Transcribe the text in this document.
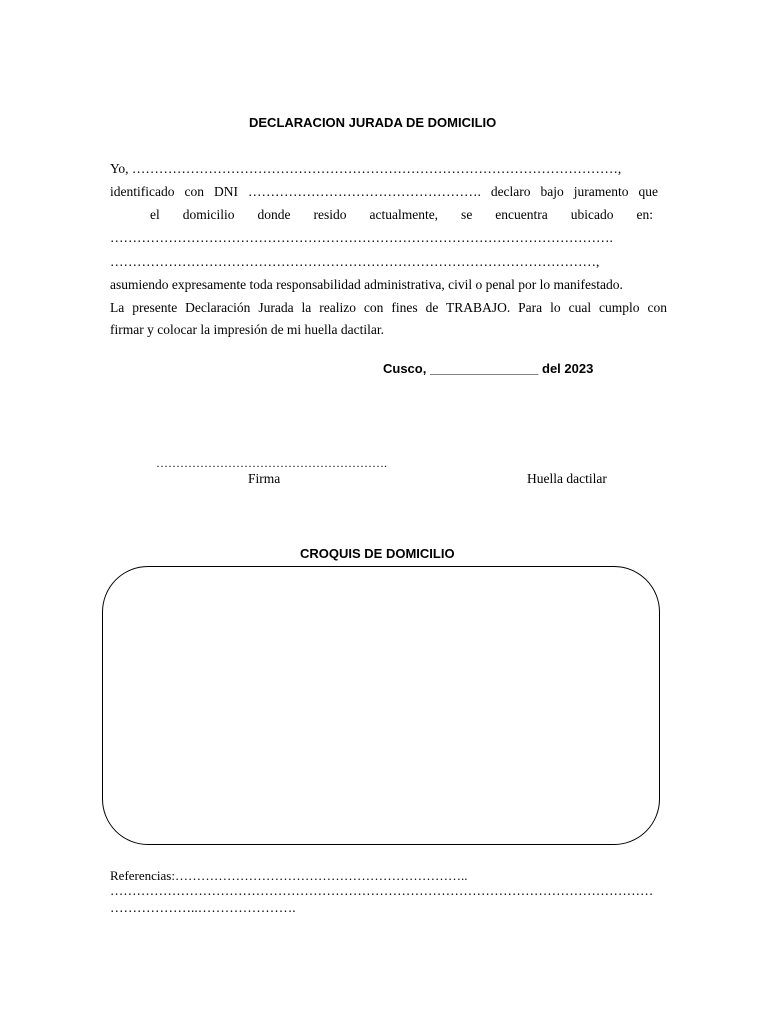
DECLARACION JURADA DE DOMICILIO
Yo, ………………………………………………………………………………………………,
identificado con DNI ……………………………………………. declaro bajo juramento que
el domicilio donde resido actualmente, se encuentra ubicado en:
………………………………………………………………………………………………….
………………………………………………………………………………………………,
asumiendo expresamente toda responsabilidad administrativa, civil o penal por lo manifestado.
La presente Declaración Jurada la realizo con fines de TRABAJO. Para lo cual cumplo con
firmar y colocar la impresión de mi huella dactilar.
Cusco, _______________ del 2023
………………………………………………….
Firma	Huella dactilar
CROQUIS DE DOMICILIO
Referencias:…………………………………………………………..
……………………………………………………………………………………………………………
………………..………………….
